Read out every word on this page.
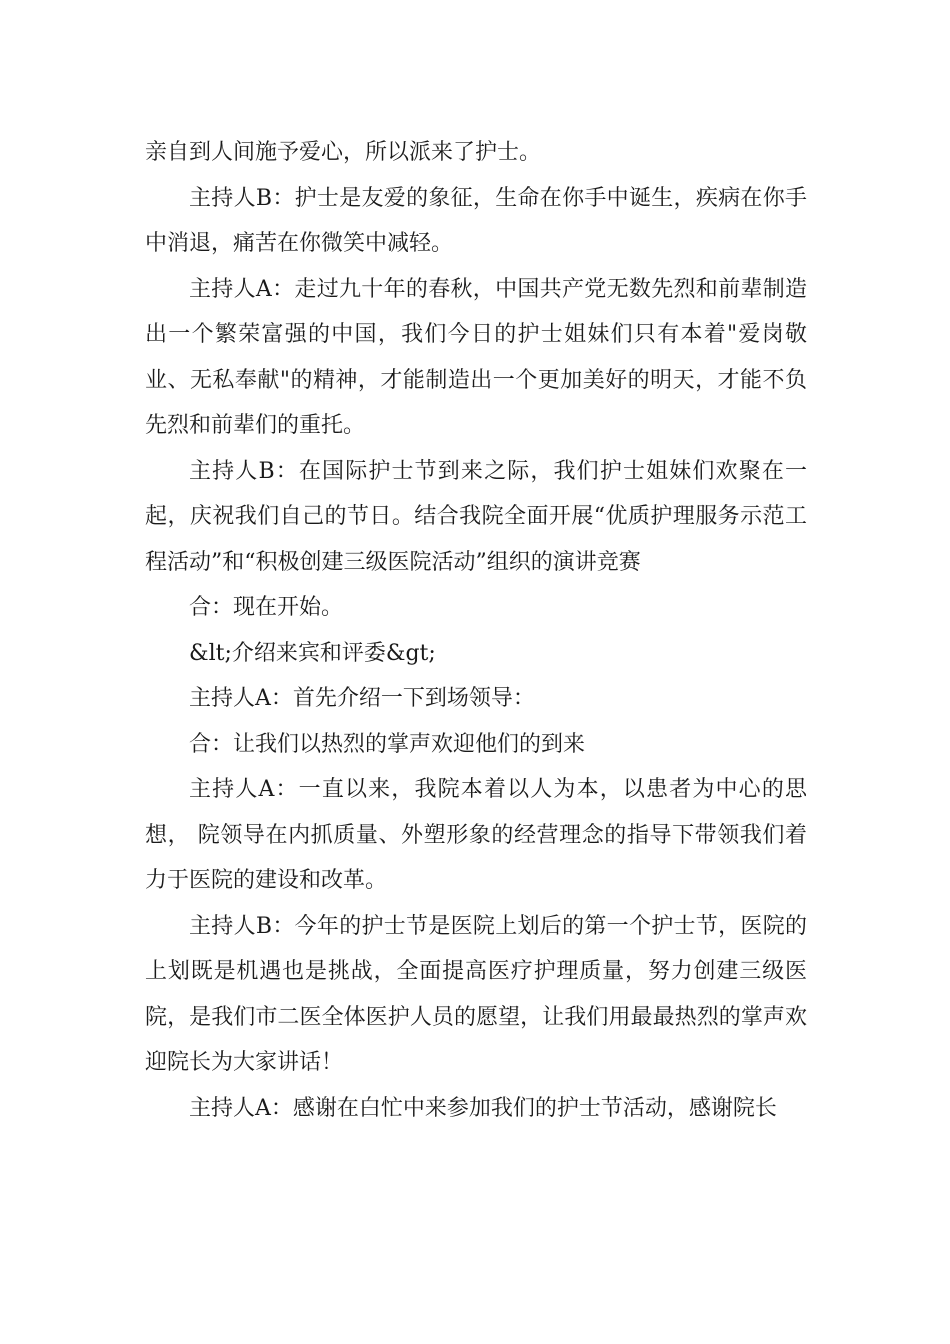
亲自到人间施予爱心，所以派来了护士。

主持人B：护士是友爱的象征，生命在你手中诞生，疾病在你手中消退，痛苦在你微笑中减轻。

主持人A：走过九十年的春秋，中国共产党无数先烈和前辈制造出一个繁荣富强的中国，我们今日的护士姐妹们只有本着"爱岗敬业、无私奉献"的精神，才能制造出一个更加美好的明天，才能不负先烈和前辈们的重托。

主持人B：在国际护士节到来之际，我们护士姐妹们欢聚在一起，庆祝我们自己的节日。结合我院全面开展“优质护理服务示范工程活动”和“积极创建三级医院活动”组织的演讲竞赛

合：现在开始。

&lt;介绍来宾和评委&gt;

主持人A：首先介绍一下到场领导：

合：让我们以热烈的掌声欢迎他们的到来

主持人A：一直以来，我院本着以人为本，以患者为中心的思想， 院领导在内抓质量、外塑形象的经营理念的指导下带领我们着力于医院的建设和改革。

主持人B：今年的护士节是医院上划后的第一个护士节，医院的上划既是机遇也是挑战，全面提高医疗护理质量，努力创建三级医院，是我们市二医全体医护人员的愿望，让我们用最最热烈的掌声欢迎院长为大家讲话！

主持人A：感谢在白忙中来参加我们的护士节活动，感谢院长
